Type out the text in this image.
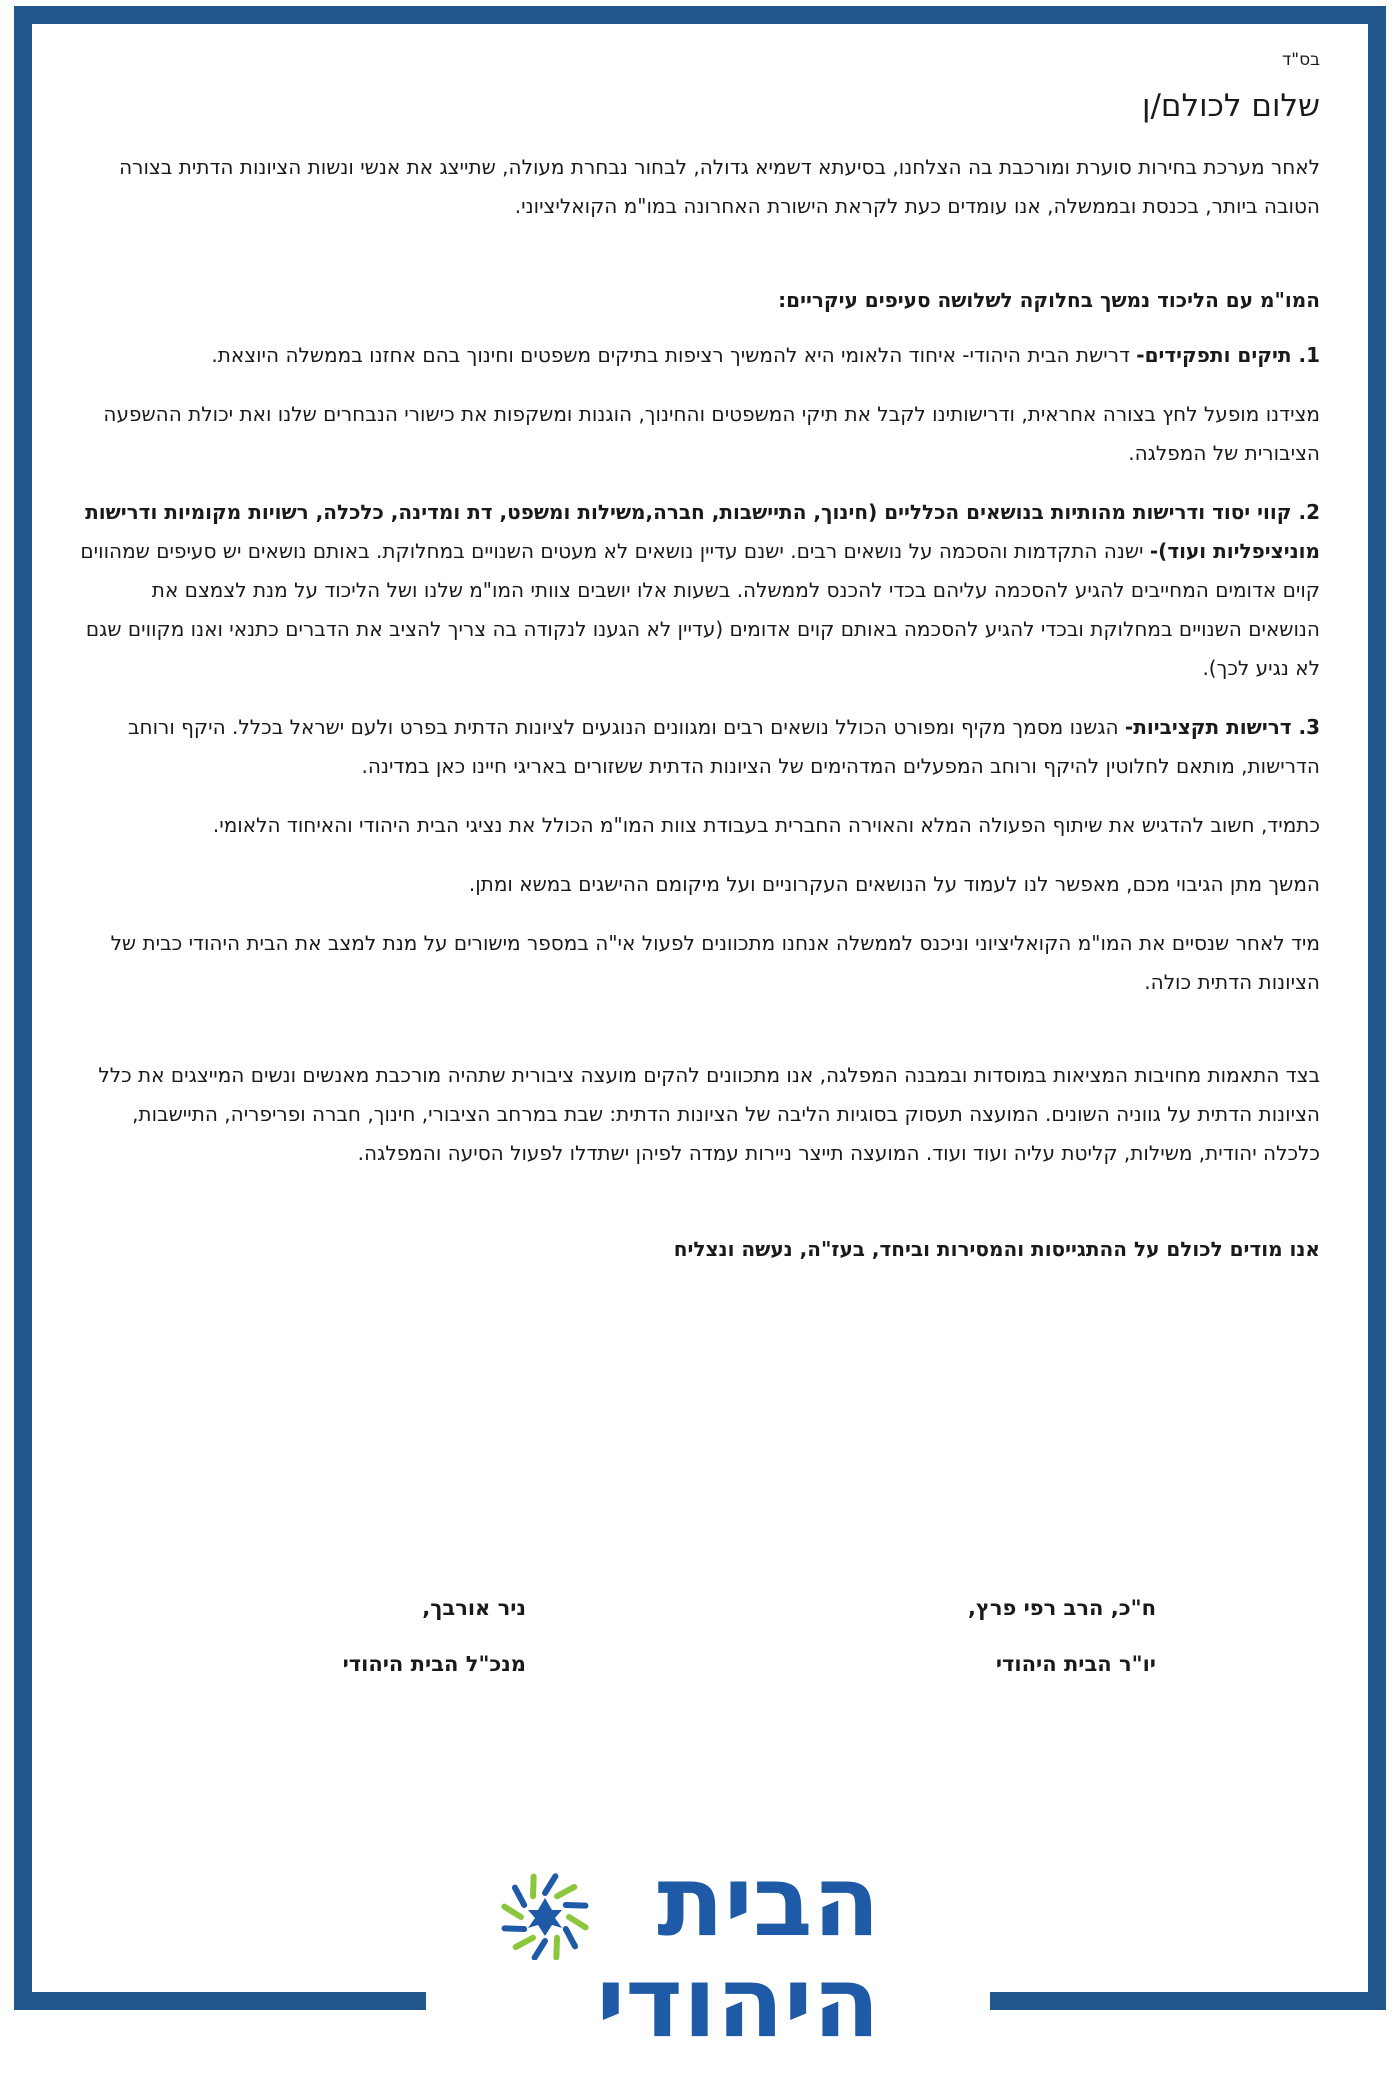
בס"ד
שלום לכולם/ן

לאחר מערכת בחירות סוערת ומורכבת בה הצלחנו, בסיעתא דשמיא גדולה, לבחור נבחרת מעולה, שתייצג את אנשי ונשות הציונות הדתית בצורה הטובה ביותר, בכנסת ובממשלה, אנו עומדים כעת לקראת הישורת האחרונה במו"מ הקואליציוני.

המו"מ עם הליכוד נמשך בחלוקה לשלושה סעיפים עיקריים:

1. תיקים ותפקידים- דרישת הבית היהודי- איחוד הלאומי היא להמשיך רציפות בתיקים משפטים וחינוך בהם אחזנו בממשלה היוצאת.

מצידנו מופעל לחץ בצורה אחראית, ודרישותינו לקבל את תיקי המשפטים והחינוך, הוגנות ומשקפות את כישורי הנבחרים שלנו ואת יכולת ההשפעה הציבורית של המפלגה.

2. קווי יסוד ודרישות מהותיות בנושאים הכלליים (חינוך, התיישבות, חברה,משילות ומשפט, דת ומדינה, כלכלה, רשויות מקומיות ודרישות מוניציפליות ועוד)- ישנה התקדמות והסכמה על נושאים רבים. ישנם עדיין נושאים לא מעטים השנויים במחלוקת. באותם נושאים יש סעיפים שמהווים קוים אדומים המחייבים להגיע להסכמה עליהם בכדי להכנס לממשלה. בשעות אלו יושבים צוותי המו"מ שלנו ושל הליכוד על מנת לצמצם את הנושאים השנויים במחלוקת ובכדי להגיע להסכמה באותם קוים אדומים (עדיין לא הגענו לנקודה בה צריך להציב את הדברים כתנאי ואנו מקווים שגם לא נגיע לכך).

3. דרישות תקציביות- הגשנו מסמך מקיף ומפורט הכולל נושאים רבים ומגוונים הנוגעים לציונות הדתית בפרט ולעם ישראל בכלל. היקף ורוחב הדרישות, מותאם לחלוטין להיקף ורוחב המפעלים המדהימים של הציונות הדתית ששזורים באריגי חיינו כאן במדינה.

כתמיד, חשוב להדגיש את שיתוף הפעולה המלא והאוירה החברית בעבודת צוות המו"מ הכולל את נציגי הבית היהודי והאיחוד הלאומי.

המשך מתן הגיבוי מכם, מאפשר לנו לעמוד על הנושאים העקרוניים ועל מיקומם ההישגים במשא ומתן.

מיד לאחר שנסיים את המו"מ הקואליציוני וניכנס לממשלה אנחנו מתכוונים לפעול אי"ה במספר מישורים על מנת למצב את הבית היהודי כבית של הציונות הדתית כולה.

בצד התאמות מחויבות המציאות במוסדות ובמבנה המפלגה, אנו מתכוונים להקים מועצה ציבורית שתהיה מורכבת מאנשים ונשים המייצגים את כלל הציונות הדתית על גווניה השונים. המועצה תעסוק בסוגיות הליבה של הציונות הדתית: שבת במרחב הציבורי, חינוך, חברה ופריפריה, התיישבות, כלכלה יהודית, משילות, קליטת עליה ועוד ועוד. המועצה תייצר ניירות עמדה לפיהן ישתדלו לפעול הסיעה והמפלגה.

אנו מודים לכולם על ההתגייסות והמסירות וביחד, בעז"ה, נעשה ונצליח
ח"כ, הרב רפי פרץ,
יו"ר הבית היהודי
ניר אורבך,
מנכ"ל הבית היהודי
הבית
היהודי
